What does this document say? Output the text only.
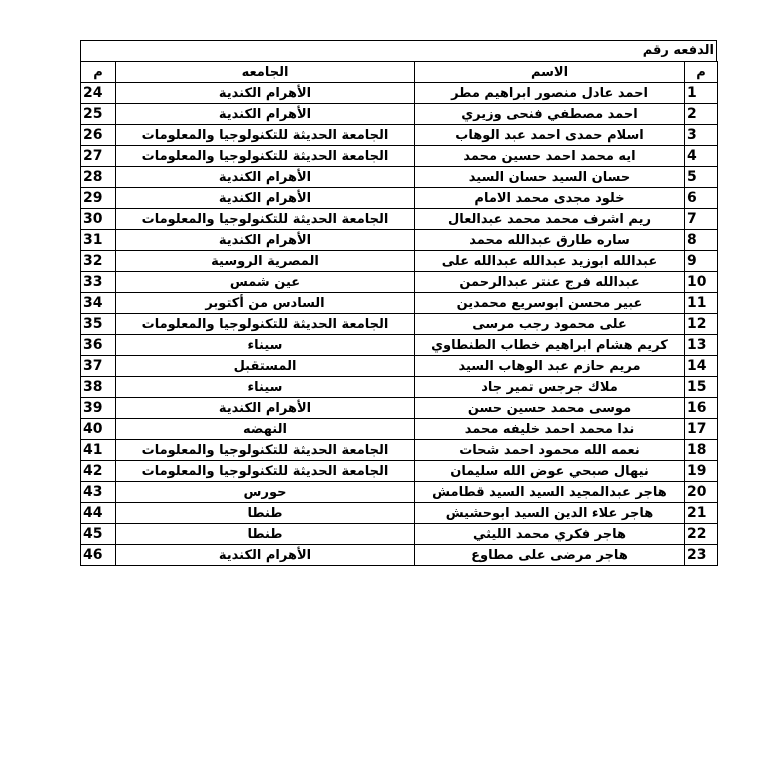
الدفعه رقم
م	الاسم	الجامعه	م
1	احمد عادل منصور ابراهيم مطر	الأهرام الكندية	24
2	احمد مصطفي فنحى وزيري	الأهرام الكندية	25
3	اسلام حمدى احمد عبد الوهاب	الجامعة الحديثة للتكنولوجيا والمعلومات	26
4	ايه محمد احمد حسين محمد	الجامعة الحديثة للتكنولوجيا والمعلومات	27
5	حسان السيد حسان السيد	الأهرام الكندية	28
6	خلود مجدى محمد الامام	الأهرام الكندية	29
7	ريم اشرف محمد محمد عبدالعال	الجامعة الحديثة للتكنولوجيا والمعلومات	30
8	ساره طارق عبدالله محمد	الأهرام الكندية	31
9	عبدالله ابوزيد عبدالله عبدالله على	المصرية الروسية	32
10	عبدالله فرج عنتر عبدالرحمن	عين شمس	33
11	عبير محسن ابوسريع محمدين	السادس من أكتوبر	34
12	على محمود رجب مرسى	الجامعة الحديثة للتكنولوجيا والمعلومات	35
13	كريم هشام ابراهيم خطاب الطنطاوي	سيناء	36
14	مريم حازم عبد الوهاب السيد	المستقبل	37
15	ملاك جرجس تمير جاد	سيناء	38
16	موسى محمد حسين حسن	الأهرام الكندية	39
17	ندا محمد احمد خليفه محمد	النهضه	40
18	نعمه الله محمود احمد شحات	الجامعة الحديثة للتكنولوجيا والمعلومات	41
19	نيهال صبحي عوض الله سليمان	الجامعة الحديثة للتكنولوجيا والمعلومات	42
20	هاجر عبدالمجيد السيد السيد قطامش	حورس	43
21	هاجر علاء الدين السيد ابوحشيش	طنطا	44
22	هاجر فكري محمد الليثي	طنطا	45
23	هاجر مرضى على مطاوع	الأهرام الكندية	46
